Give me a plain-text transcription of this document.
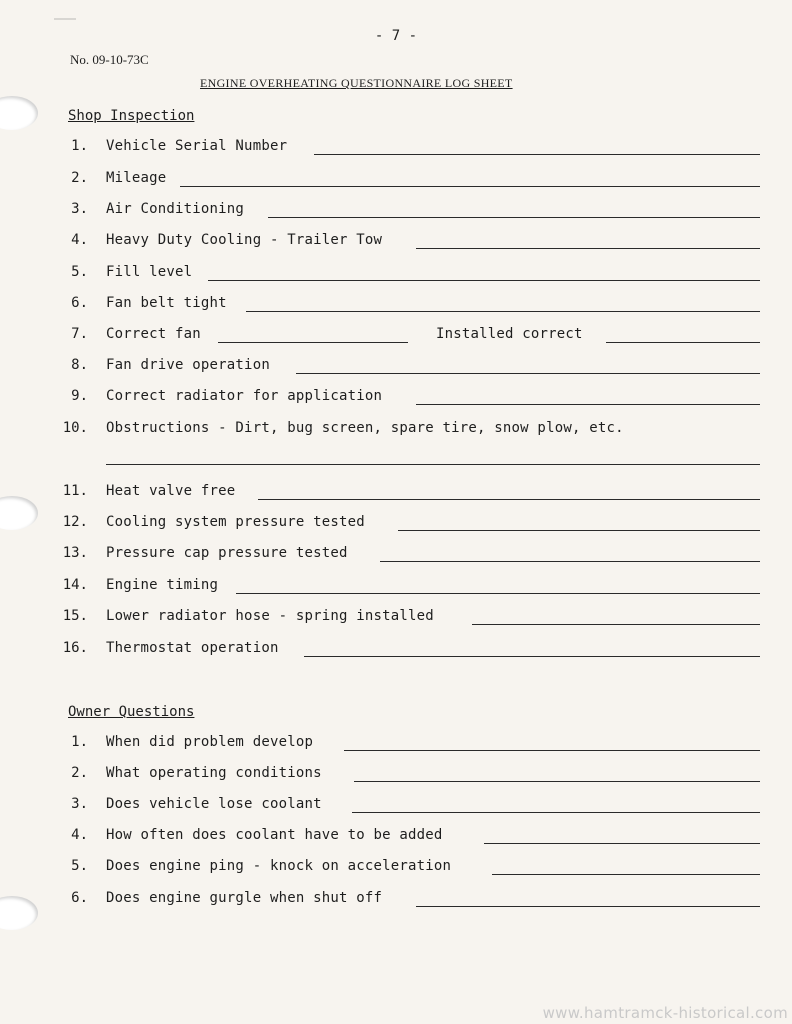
- 7 -
No. 09-10-73C
ENGINE OVERHEATING QUESTIONNAIRE LOG SHEET
Shop Inspection
1. Vehicle Serial Number
2. Mileage
3. Air Conditioning
4. Heavy Duty Cooling - Trailer Tow
5. Fill level
6. Fan belt tight
7. Correct fan	Installed correct
8. Fan drive operation
9. Correct radiator for application
10. Obstructions - Dirt, bug screen, spare tire, snow plow, etc.
11. Heat valve free
12. Cooling system pressure tested
13. Pressure cap pressure tested
14. Engine timing
15. Lower radiator hose - spring installed
16. Thermostat operation
Owner Questions
1. When did problem develop
2. What operating conditions
3. Does vehicle lose coolant
4. How often does coolant have to be added
5. Does engine ping - knock on acceleration
6. Does engine gurgle when shut off
www.hamtramck-historical.com
